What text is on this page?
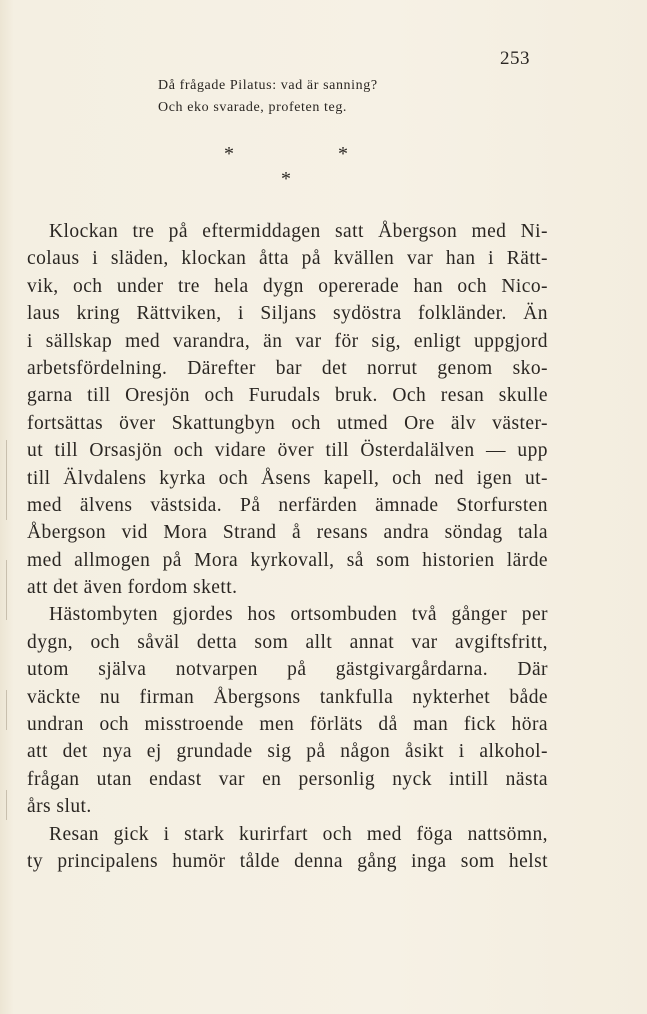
253
Då frågade Pilatus: vad är sanning?
Och eko svarade, profeten teg.
*	*
*
Klockan tre på eftermiddagen satt Åbergson med Ni-
colaus i släden, klockan åtta på kvällen var han i Rätt-
vik, och under tre hela dygn opererade han och Nico-
laus kring Rättviken, i Siljans sydöstra folkländer. Än
i sällskap med varandra, än var för sig, enligt uppgjord
arbetsfördelning. Därefter bar det norrut genom sko-
garna till Oresjön och Furudals bruk. Och resan skulle
fortsättas över Skattungbyn och utmed Ore älv väster-
ut till Orsasjön och vidare över till Österdalälven — upp
till Älvdalens kyrka och Åsens kapell, och ned igen ut-
med älvens västsida. På nerfärden ämnade Storfursten
Åbergson vid Mora Strand å resans andra söndag tala
med allmogen på Mora kyrkovall, så som historien lärde
att det även fordom skett.
Hästombyten gjordes hos ortsombuden två gånger per
dygn, och såväl detta som allt annat var avgiftsfritt,
utom själva notvarpen på gästgivargårdarna. Där
väckte nu firman Åbergsons tankfulla nykterhet både
undran och misstroende men förläts då man fick höra
att det nya ej grundade sig på någon åsikt i alkohol-
frågan utan endast var en personlig nyck intill nästa
års slut.
Resan gick i stark kurirfart och med föga nattsömn,
ty principalens humör tålde denna gång inga som helst
